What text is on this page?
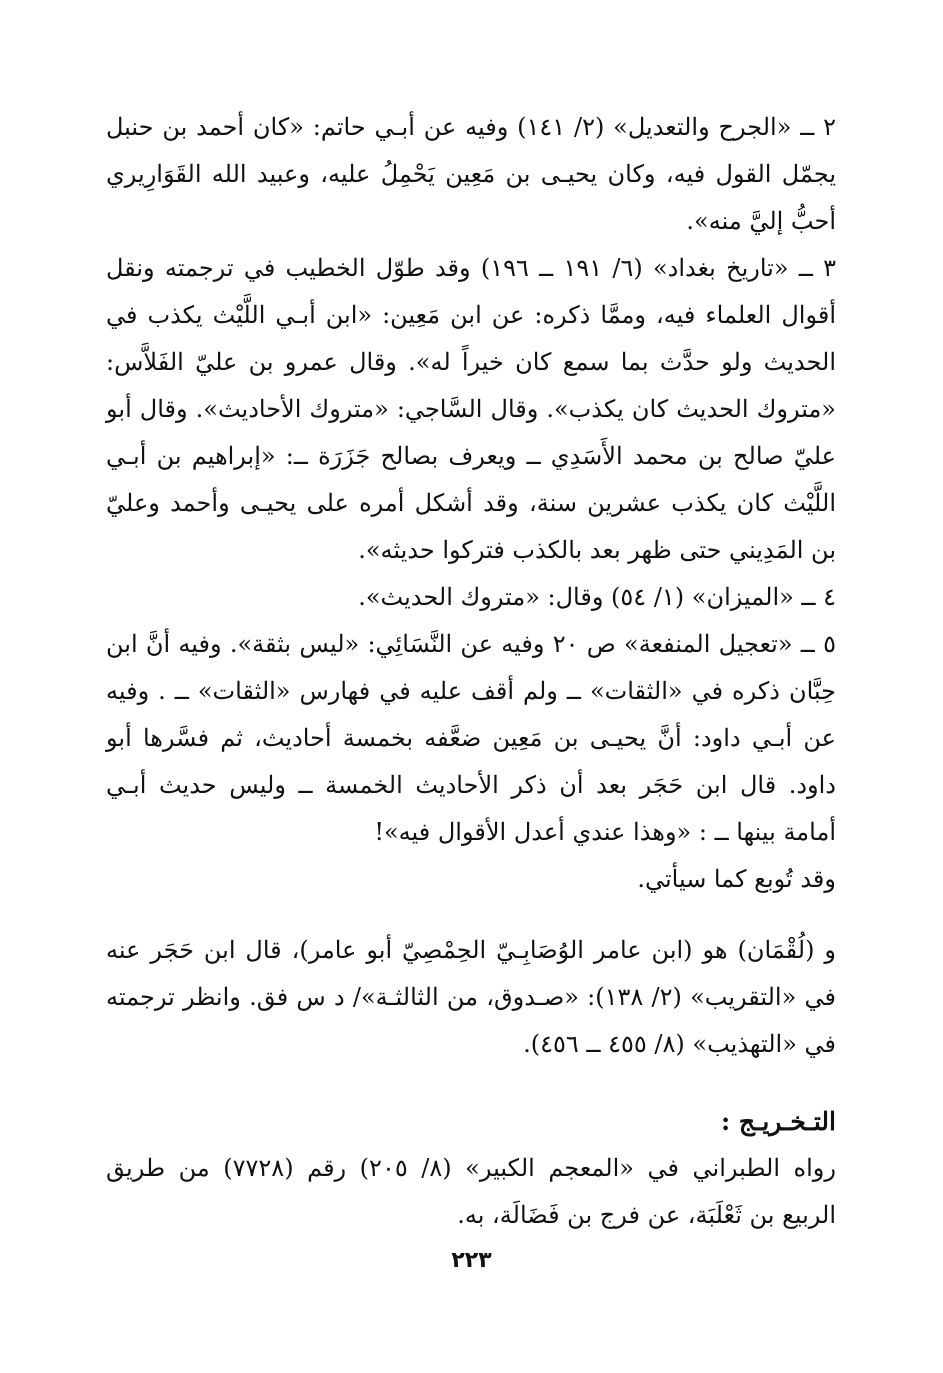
٢ ــ «الجرح والتعديل» (٢/ ١٤١) وفيه عن أبـي حاتم: «كان أحمد بن حنبل يجمّل القول فيه، وكان يحيـى بن مَعِين يَحْمِلُ عليه، وعبيد الله القَوَارِيري أحبُّ إليَّ منه».

٣ ــ «تاريخ بغداد» (٦/ ١٩١ ــ ١٩٦) وقد طوّل الخطيب في ترجمته ونقل أقوال العلماء فيه، وممَّا ذكره: عن ابن مَعِين: «ابن أبـي اللَّيْث يكذب في الحديث ولو حدَّث بما سمع كان خيراً له». وقال عمرو بن عليّ الفَلاَّس: «متروك الحديث كان يكذب». وقال السَّاجي: «متروك الأحاديث». وقال أبو عليّ صالح بن محمد الأَسَدِي ــ ويعرف بصالح جَزَرَة ــ: «إبراهيم بن أبـي اللَّيْث كان يكذب عشرين سنة، وقد أشكل أمره على يحيـى وأحمد وعليّ بن المَدِيني حتى ظهر بعد بالكذب فتركوا حديثه».

٤ ــ «الميزان» (١/ ٥٤) وقال: «متروك الحديث».

٥ ــ «تعجيل المنفعة» ص ٢٠ وفيه عن النَّسَائِي: «ليس بثقة». وفيه أنَّ ابن حِبَّان ذكره في «الثقات» ــ ولم أقف عليه في فهارس «الثقات» ــ . وفيه عن أبـي داود: أنَّ يحيـى بن مَعِين ضعَّفه بخمسة أحاديث، ثم فسَّرها أبو داود. قال ابن حَجَر بعد أن ذكر الأحاديث الخمسة ــ وليس حديث أبـي أمامة بينها ــ : «وهذا عندي أعدل الأقوال فيه»!

وقد تُوبع كما سيأتي.

و (لُقْمَان) هو (ابن عامر الوُصَابِـيّ الحِمْصِيّ أبو عامر)، قال ابن حَجَر عنه في «التقريب» (٢/ ١٣٨): «صـدوق، من الثالثـة»/ د س فق. وانظر ترجمته في «التهذيب» (٨/ ٤٥٥ ــ ٤٥٦).

التـخـريـج :

رواه الطبراني في «المعجم الكبير» (٨/ ٢٠٥) رقم (٧٧٢٨) من طريق الربيع بن ثَعْلَبَة، عن فرج بن فَضَالَة، به.

٢٢٣
